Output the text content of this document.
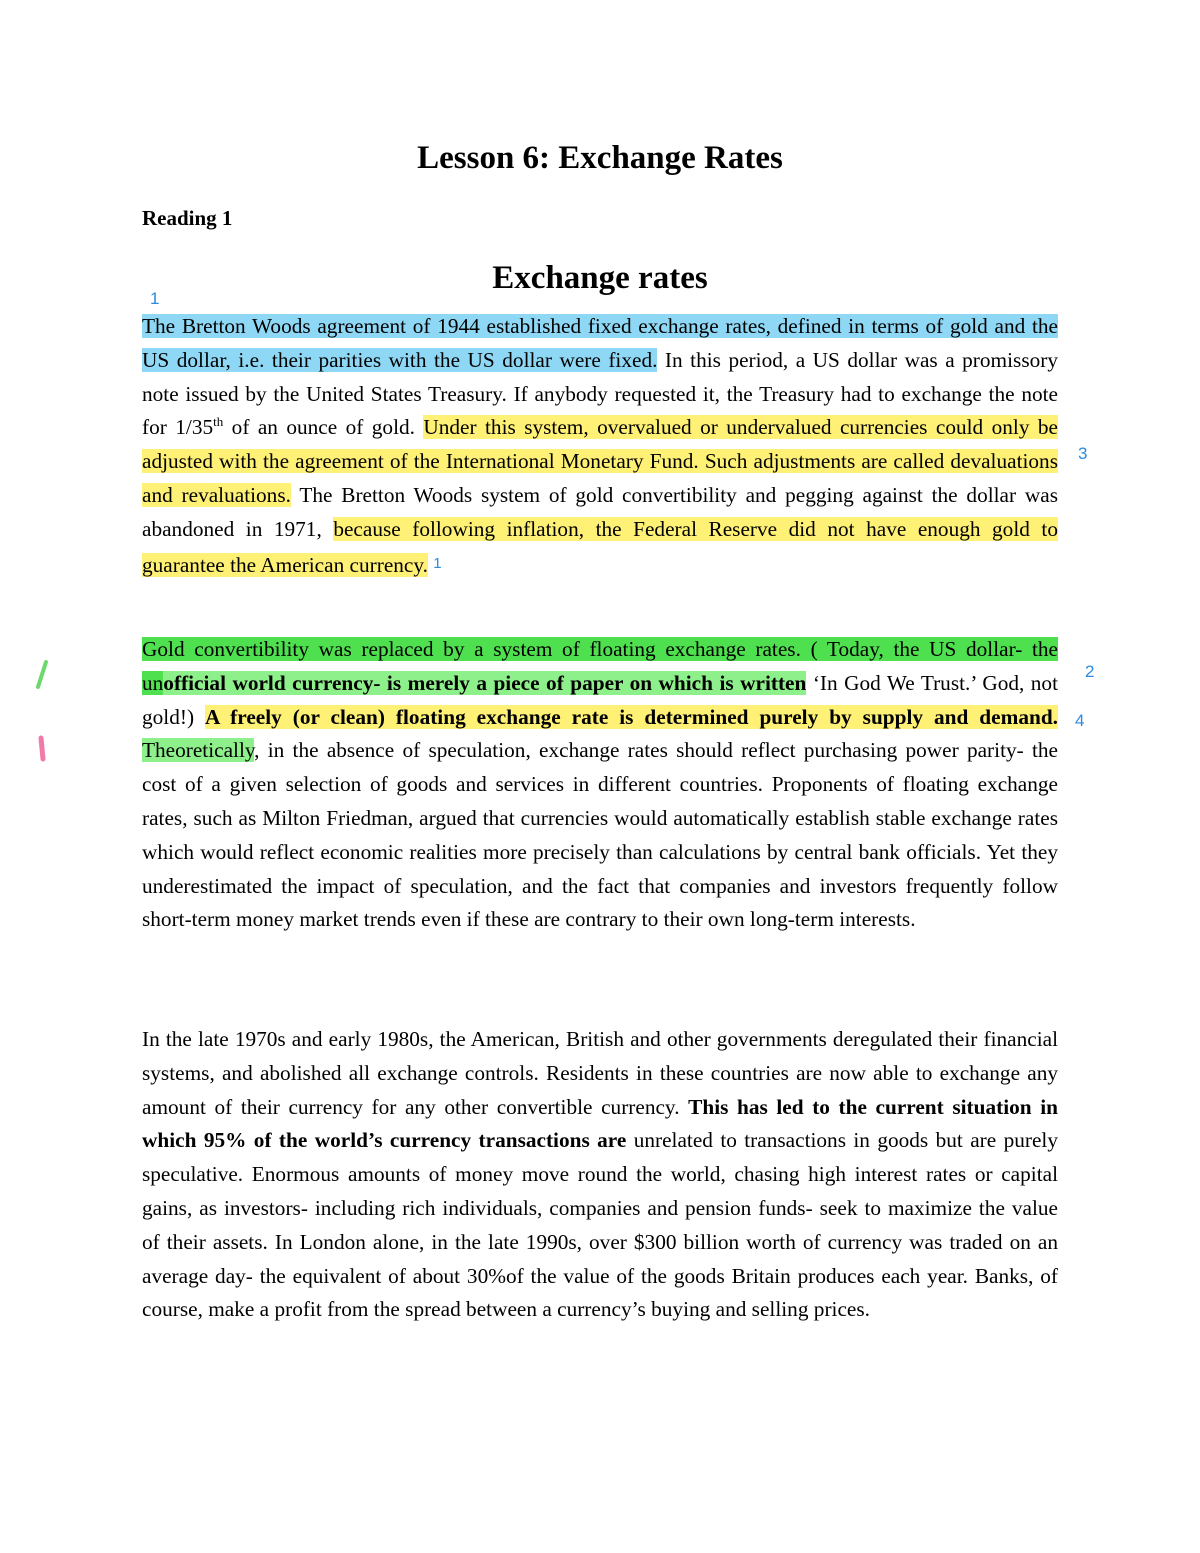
Lesson 6: Exchange Rates

Reading 1

Exchange rates
1
3
2
4

The Bretton Woods agreement of 1944 established fixed exchange rates, defined in terms of gold and the US dollar, i.e. their parities with the US dollar were fixed. In this period, a US dollar was a promissory note issued by the United States Treasury. If anybody requested it, the Treasury had to exchange the note for 1/35th of an ounce of gold. Under this system, overvalued or undervalued currencies could only be adjusted with the agreement of the International Monetary Fund. Such adjustments are called devaluations and revaluations. The Bretton Woods system of gold convertibility and pegging against the dollar was abandoned in 1971, because following inflation, the Federal Reserve did not have enough gold to guarantee the American currency. 1

Gold convertibility was replaced by a system of floating exchange rates. ( Today, the US dollar- the unofficial world currency- is merely a piece of paper on which is written ‘In God We Trust.’ God, not gold!) A freely (or clean) floating exchange rate is determined purely by supply and demand. Theoretically, in the absence of speculation, exchange rates should reflect purchasing power parity- the cost of a given selection of goods and services in different countries. Proponents of floating exchange rates, such as Milton Friedman, argued that currencies would automatically establish stable exchange rates which would reflect economic realities more precisely than calculations by central bank officials. Yet they underestimated the impact of speculation, and the fact that companies and investors frequently follow short-term money market trends even if these are contrary to their own long-term interests.

In the late 1970s and early 1980s, the American, British and other governments deregulated their financial systems, and abolished all exchange controls. Residents in these countries are now able to exchange any amount of their currency for any other convertible currency. This has led to the current situation in which 95% of the world’s currency transactions are unrelated to transactions in goods but are purely speculative. Enormous amounts of money move round the world, chasing high interest rates or capital gains, as investors- including rich individuals, companies and pension funds- seek to maximize the value of their assets. In London alone, in the late 1990s, over $300 billion worth of currency was traded on an average day- the equivalent of about 30%of the value of the goods Britain produces each year. Banks, of course, make a profit from the spread between a currency’s buying and selling prices.
